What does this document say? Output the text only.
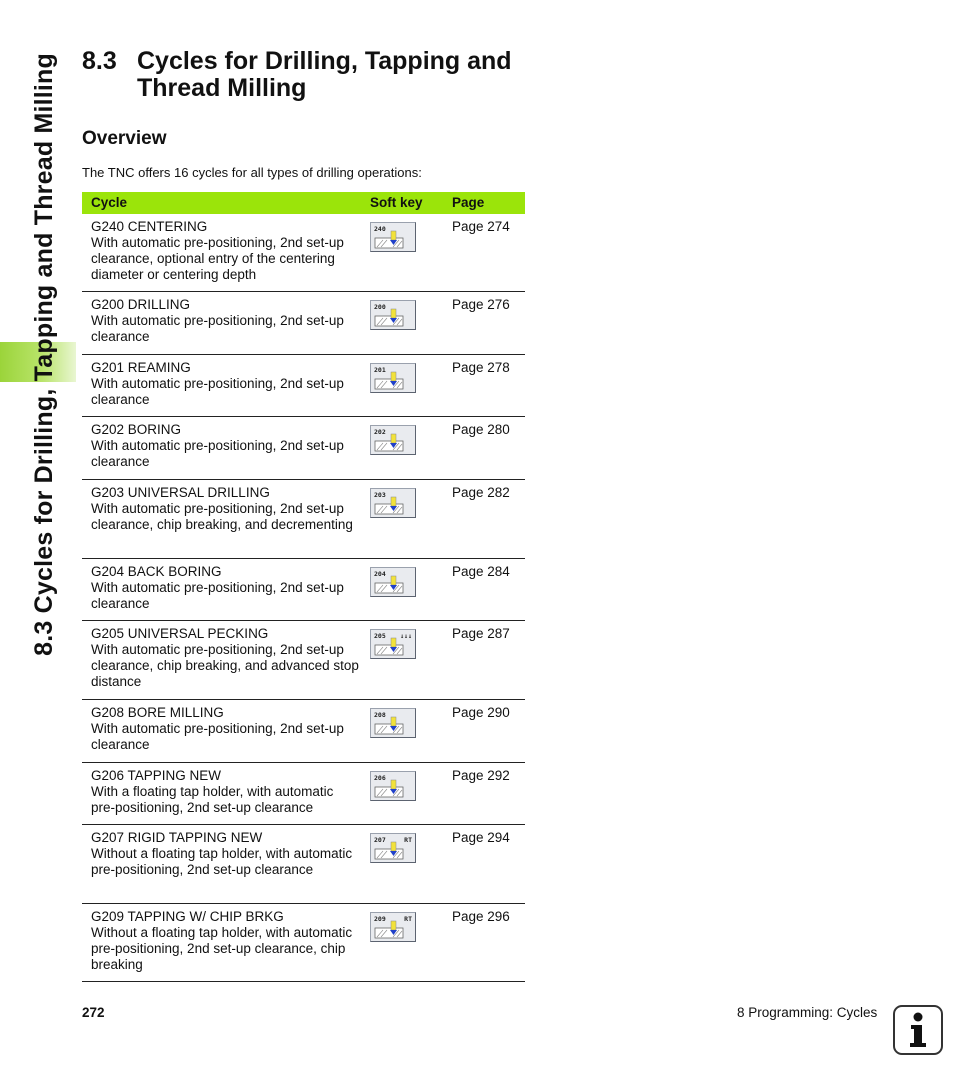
8.3 Cycles for Drilling, Tapping and Thread Milling 8.3 Cycles for Drilling, Tapping and Thread Milling
Overview
The TNC offers 16 cycles for all types of drilling operations:
Cycle	Soft key Page
G240 CENTERING
With automatic pre-positioning, 2nd set-up clearance, optional entry of the centering diameter or centering depth
240	Page 274
G200 DRILLING
With automatic pre-positioning, 2nd set-up clearance
200	Page 276
G201 REAMING
With automatic pre-positioning, 2nd set-up clearance
201	Page 278
G202 BORING
With automatic pre-positioning, 2nd set-up clearance
202	Page 280
G203 UNIVERSAL DRILLING
With automatic pre-positioning, 2nd set-up clearance, chip breaking, and decrementing
203	Page 282
G204 BACK BORING
With automatic pre-positioning, 2nd set-up clearance
204	Page 284
G205 UNIVERSAL PECKING
With automatic pre-positioning, 2nd set-up clearance, chip breaking, and advanced stop distance
205 ↓↓↓	Page 287
G208 BORE MILLING
With automatic pre-positioning, 2nd set-up clearance
208	Page 290
G206 TAPPING NEW
With a floating tap holder, with automatic pre-positioning, 2nd set-up clearance
206	Page 292
G207 RIGID TAPPING NEW
Without a floating tap holder, with automatic pre-positioning, 2nd set-up clearance
207	RT	Page 294
G209 TAPPING W/ CHIP BRKG
Without a floating tap holder, with automatic pre-positioning, 2nd set-up clearance, chip breaking
209	RT	Page 296
272	8 Programming: Cycles
